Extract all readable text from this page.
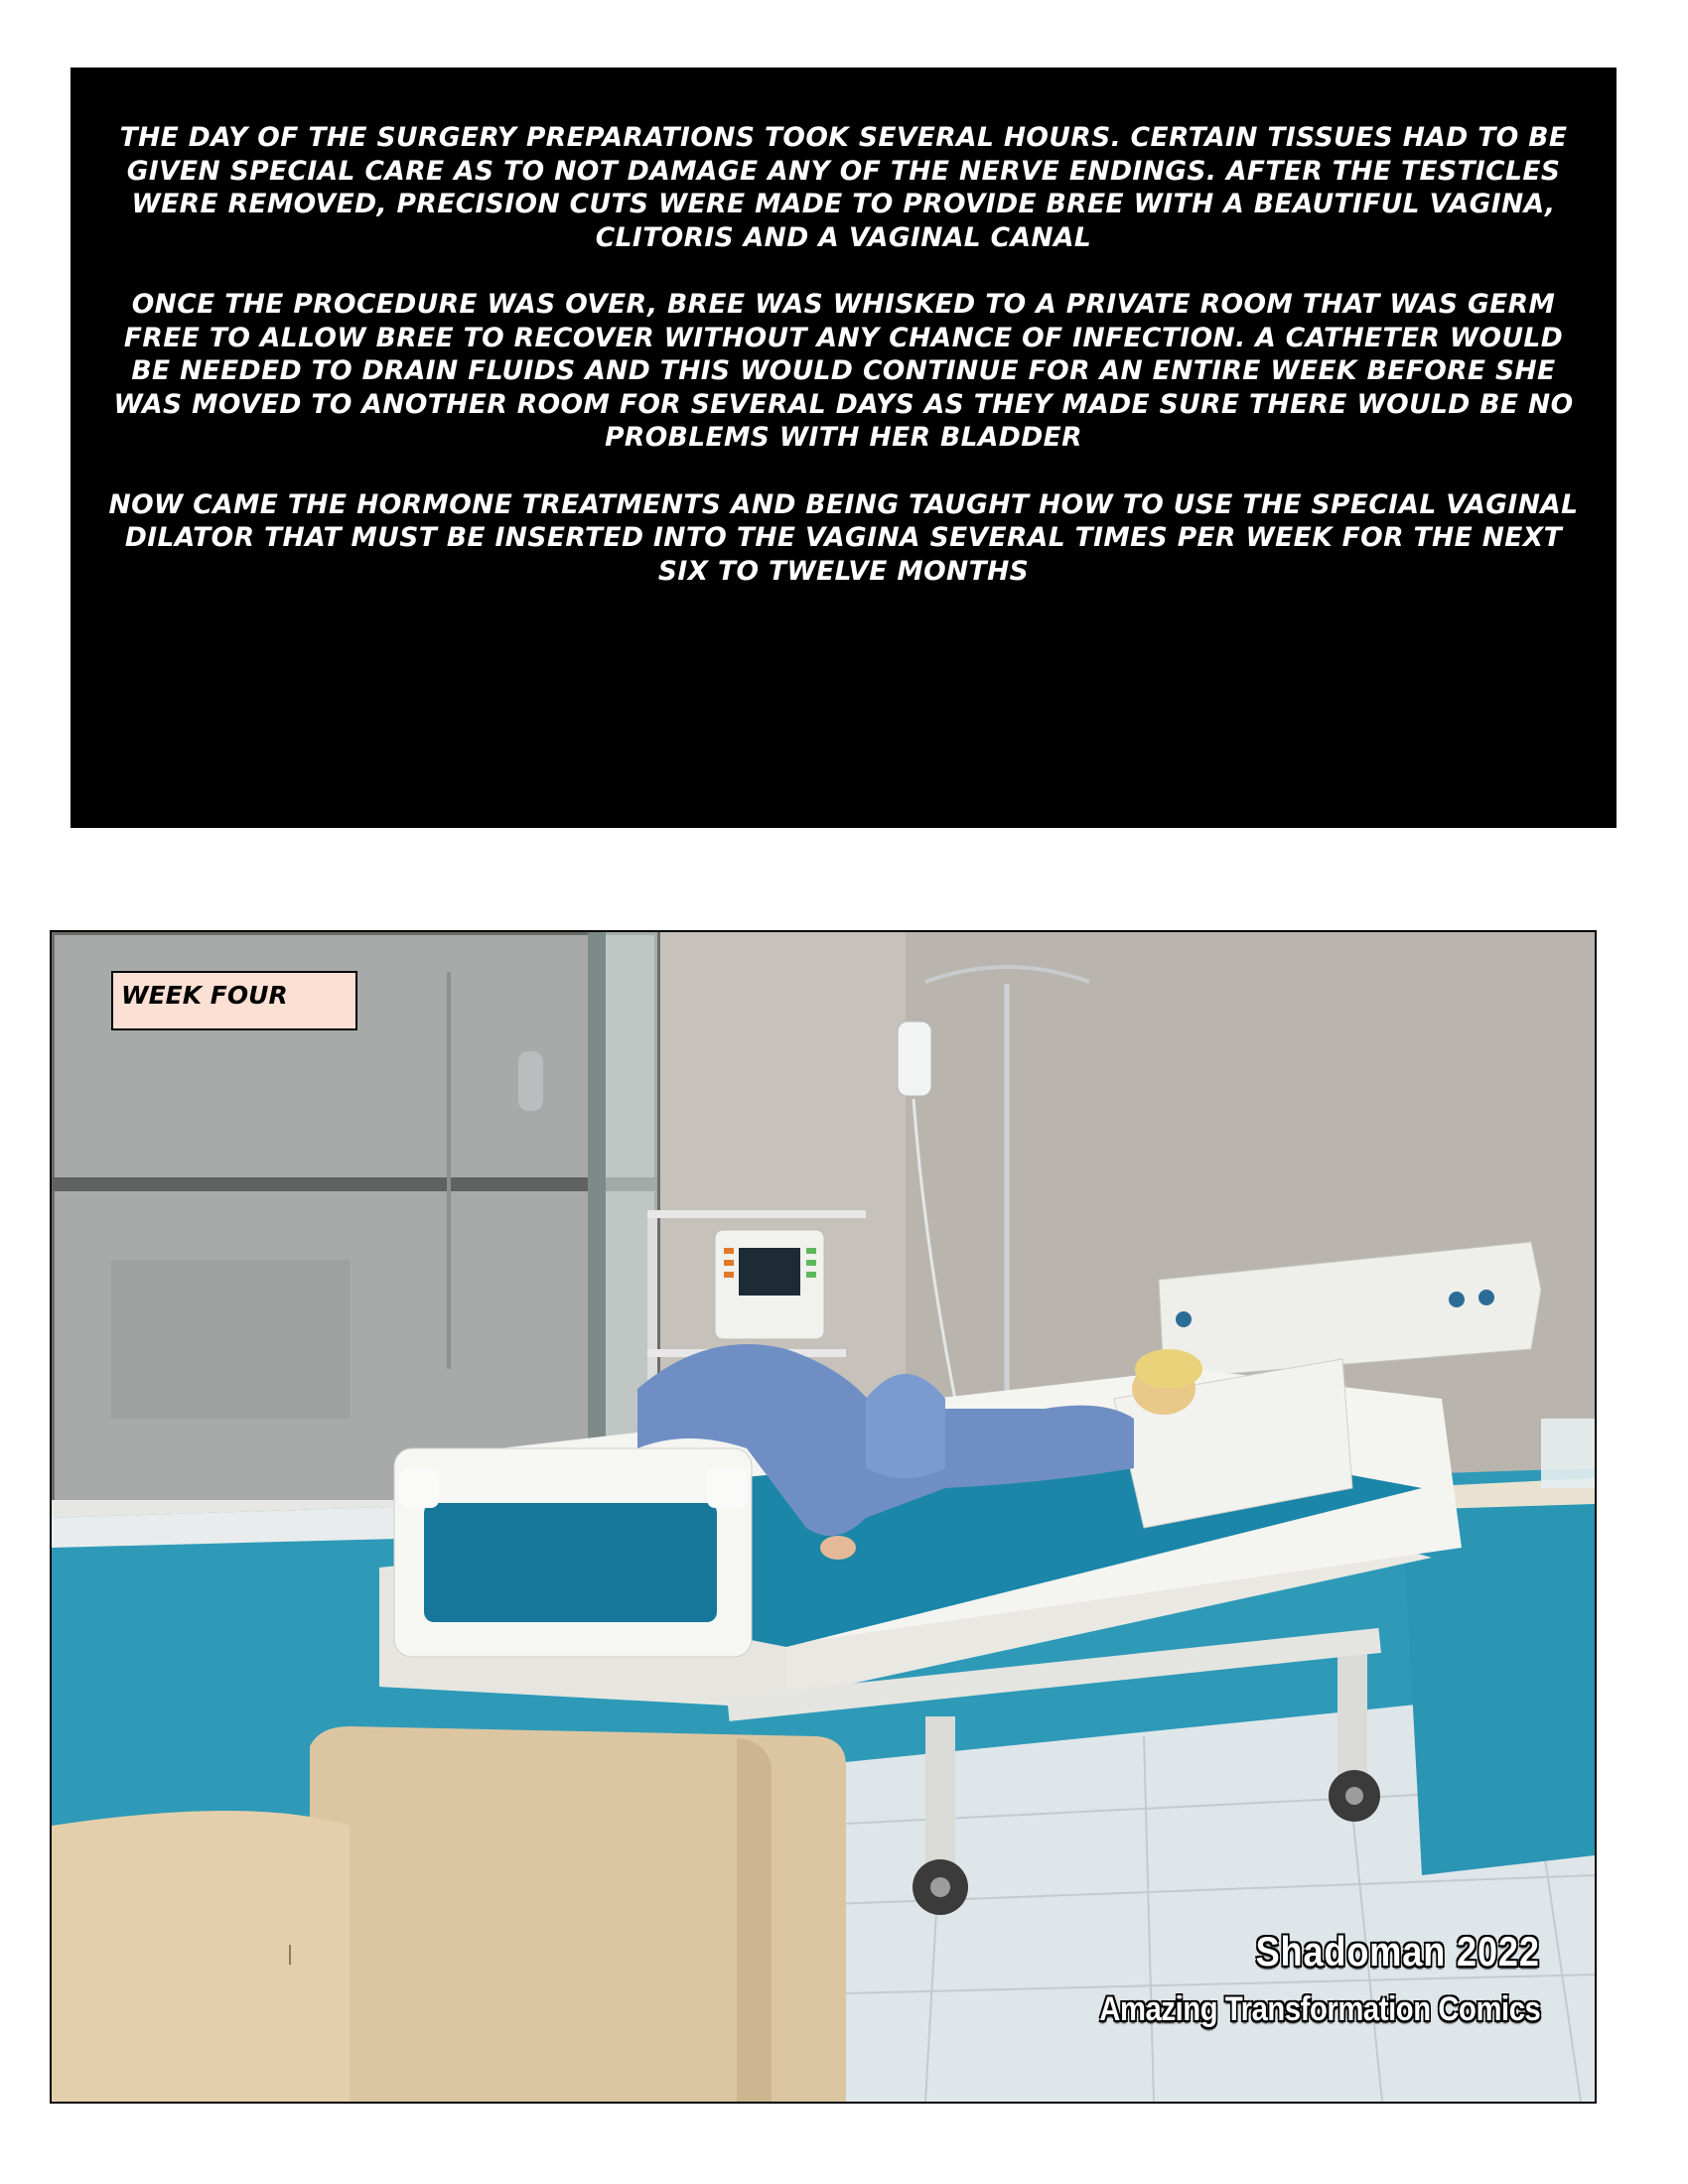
THE DAY OF THE SURGERY PREPARATIONS TOOK SEVERAL HOURS. CERTAIN TISSUES HAD TO BE GIVEN SPECIAL CARE AS TO NOT DAMAGE ANY OF THE NERVE ENDINGS. AFTER THE TESTICLES WERE REMOVED, PRECISION CUTS WERE MADE TO PROVIDE BREE WITH A BEAUTIFUL VAGINA, CLITORIS AND A VAGINAL CANAL

ONCE THE PROCEDURE WAS OVER, BREE WAS WHISKED TO A PRIVATE ROOM THAT WAS GERM FREE TO ALLOW BREE TO RECOVER WITHOUT ANY CHANCE OF INFECTION. A CATHETER WOULD BE NEEDED TO DRAIN FLUIDS AND THIS WOULD CONTINUE FOR AN ENTIRE WEEK BEFORE SHE WAS MOVED TO ANOTHER ROOM FOR SEVERAL DAYS AS THEY MADE SURE THERE WOULD BE NO PROBLEMS WITH HER BLADDER

NOW CAME THE HORMONE TREATMENTS AND BEING TAUGHT HOW TO USE THE SPECIAL VAGINAL DILATOR THAT MUST BE INSERTED INTO THE VAGINA SEVERAL TIMES PER WEEK FOR THE NEXT SIX TO TWELVE MONTHS

WEEK FOUR
Shadoman 2022
Amazing Transformation Comics
